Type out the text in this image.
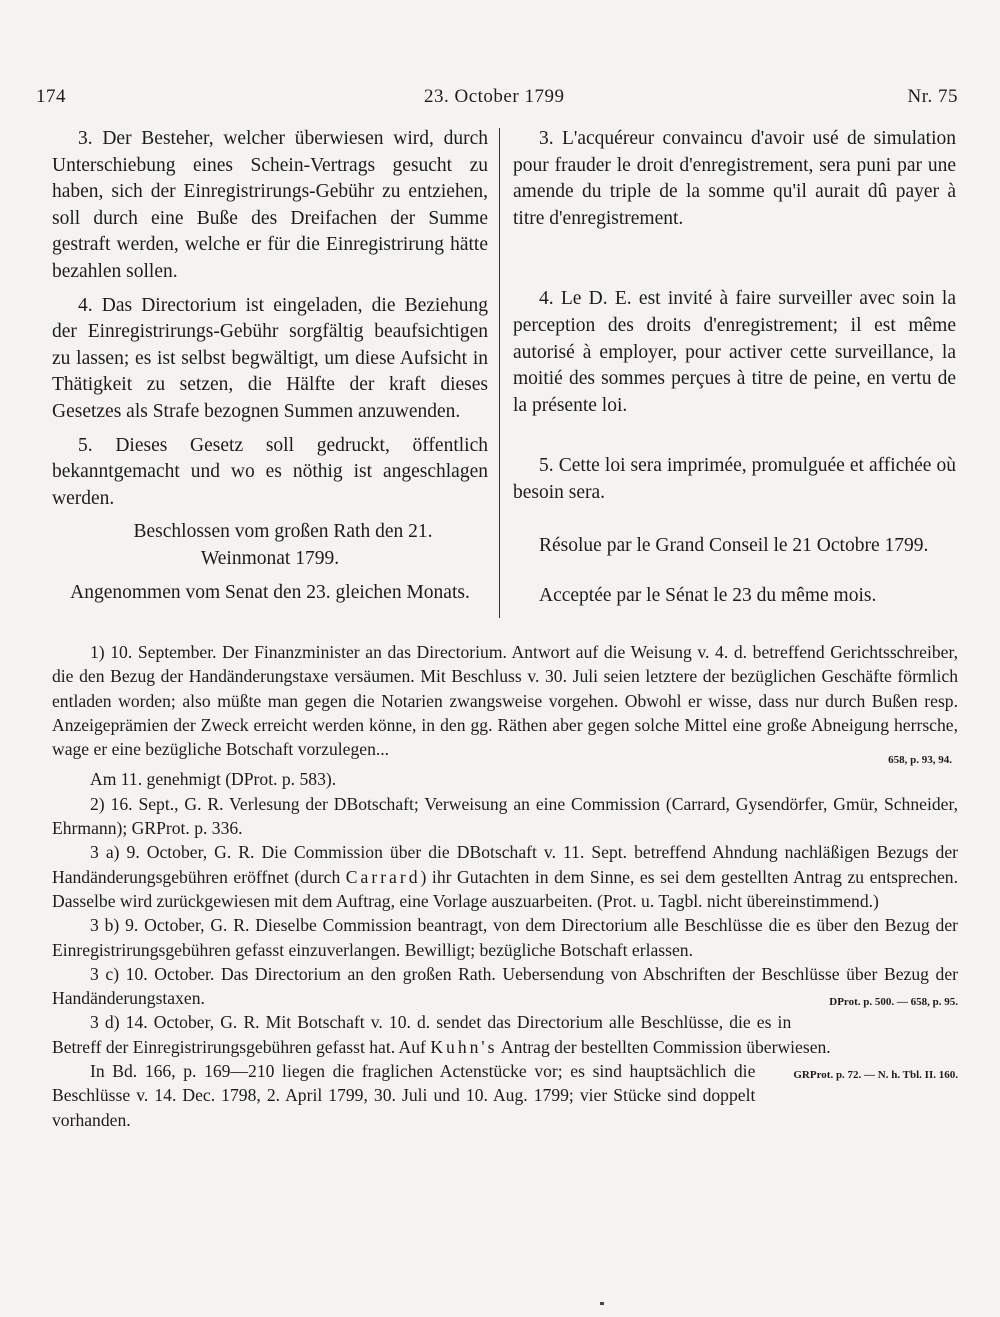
174	23. October 1799	Nr. 75

3. Der Besteher, welcher überwiesen wird, durch Unterschiebung eines Schein-Vertrags gesucht zu haben, sich der Einregistrirungs-Gebühr zu entziehen, soll durch eine Buße des Dreifachen der Summe gestraft werden, welche er für die Einregistrirung hätte bezahlen sollen.

4. Das Directorium ist eingeladen, die Beziehung der Einregistrirungs-Gebühr sorgfältig beaufsichtigen zu lassen; es ist selbst begwältigt, um diese Aufsicht in Thätigkeit zu setzen, die Hälfte der kraft dieses Gesetzes als Strafe bezognen Summen anzuwenden.

5. Dieses Gesetz soll gedruckt, öffentlich bekanntgemacht und wo es nöthig ist angeschlagen werden.

Beschlossen vom großen Rath den 21. Weinmonat 1799.

Angenommen vom Senat den 23. gleichen Monats.

3. L'acquéreur convaincu d'avoir usé de simulation pour frauder le droit d'enregistrement, sera puni par une amende du triple de la somme qu'il aurait dû payer à titre d'enregistrement.

4. Le D. E. est invité à faire surveiller avec soin la perception des droits d'enregistrement; il est même autorisé à employer, pour activer cette surveillance, la moitié des sommes perçues à titre de peine, en vertu de la présente loi.

5. Cette loi sera imprimée, promulguée et affichée où besoin sera.

Résolue par le Grand Conseil le 21 Octobre 1799.

Acceptée par le Sénat le 23 du même mois.

1) 10. September. Der Finanzminister an das Directorium. Antwort auf die Weisung v. 4. d. betreffend Gerichtsschreiber, die den Bezug der Handänderungstaxe versäumen. Mit Beschluss v. 30. Juli seien letztere der bezüglichen Geschäfte förmlich entladen worden; also müßte man gegen die Notarien zwangsweise vorgehen. Obwohl er wisse, dass nur durch Bußen resp. Anzeigeprämien der Zweck erreicht werden könne, in den gg. Räthen aber gegen solche Mittel eine große Abneigung herrsche, wage er eine bezügliche Botschaft vorzulegen...

658, p. 93, 94.

Am 11. genehmigt (DProt. p. 583).

2) 16. Sept., G. R. Verlesung der DBotschaft; Verweisung an eine Commission (Carrard, Gysendörfer, Gmür, Schneider, Ehrmann); GRProt. p. 336.

3 a) 9. October, G. R. Die Commission über die DBotschaft v. 11. Sept. betreffend Ahndung nachläßigen Bezugs der Handänderungsgebühren eröffnet (durch Carrard) ihr Gutachten in dem Sinne, es sei dem gestellten Antrag zu entsprechen. Dasselbe wird zurückgewiesen mit dem Auftrag, eine Vorlage auszuarbeiten. (Prot. u. Tagbl. nicht übereinstimmend.)

3 b) 9. October, G. R. Dieselbe Commission beantragt, von dem Directorium alle Beschlüsse die es über den Bezug der Einregistrirungsgebühren gefasst einzuverlangen. Bewilligt; bezügliche Botschaft erlassen.

3 c) 10. October. Das Directorium an den großen Rath. Uebersendung von Abschriften der Beschlüsse über Bezug der Handänderungstaxen.	DProt. p. 500. — 658, p. 95.

3 d) 14. October, G. R. Mit Botschaft v. 10. d. sendet das Directorium alle Beschlüsse, die es in Betreff der Einregistrirungsgebühren gefasst hat. Auf Kuhn's Antrag der bestellten Commission überwiesen.
GRProt. p. 72. — N. h. Tbl. II. 160.

In Bd. 166, p. 169—210 liegen die fraglichen Actenstücke vor; es sind hauptsächlich die Beschlüsse v. 14. Dec. 1798, 2. April 1799, 30. Juli und 10. Aug. 1799; vier Stücke sind doppelt vorhanden.
